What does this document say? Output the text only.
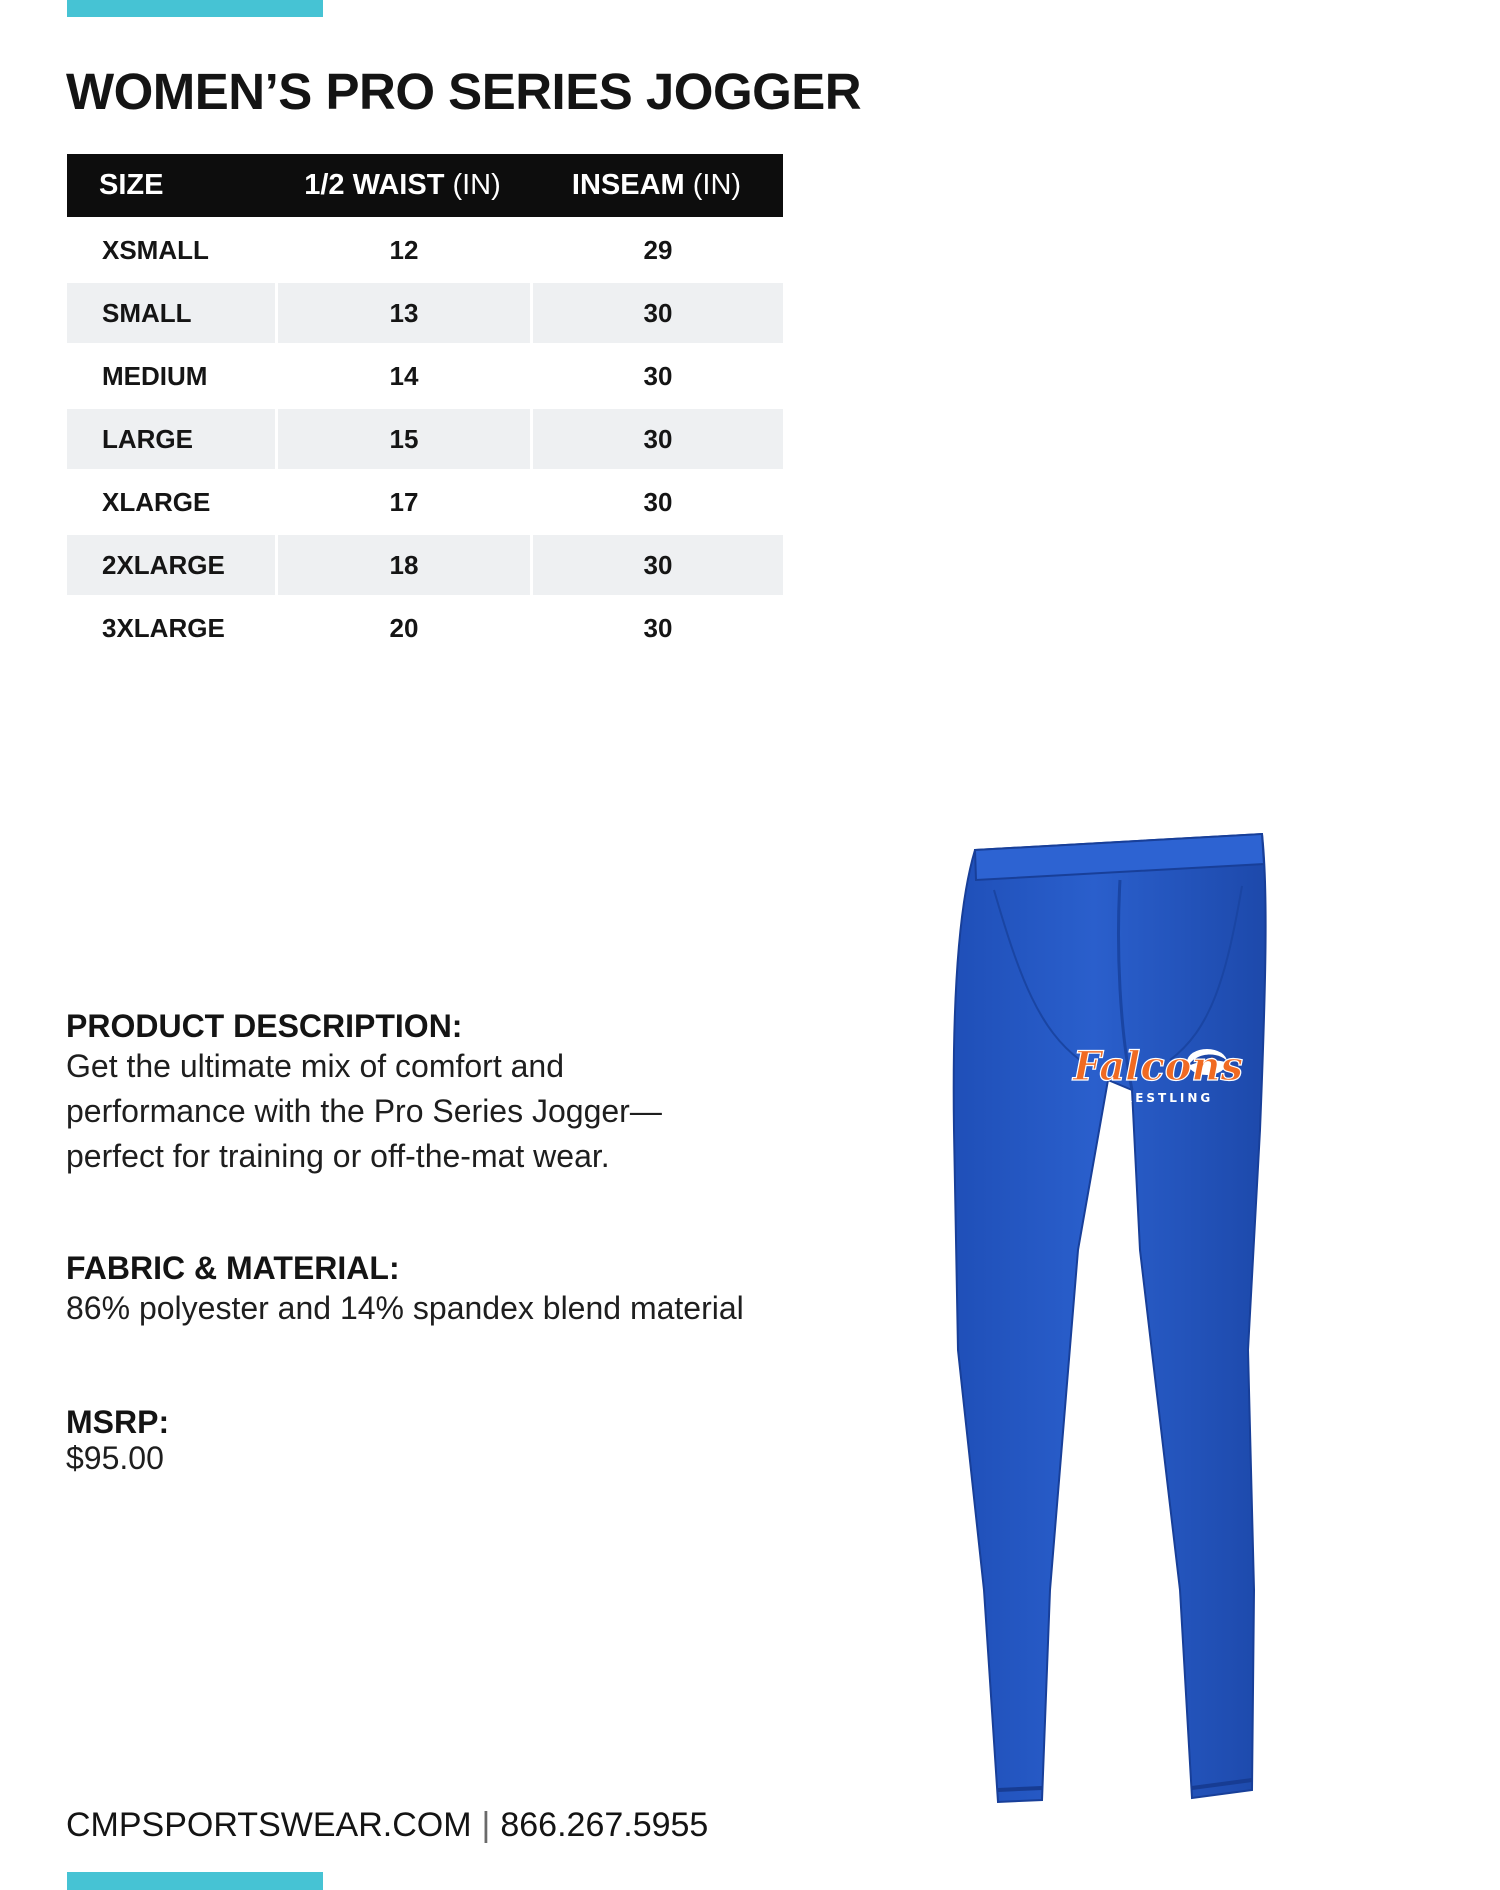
WOMEN’S PRO SERIES JOGGER
SIZE	1/2 WAIST (IN)	INSEAM (IN)
XSMALL	12	29
SMALL	13	30
MEDIUM	14	30
LARGE	15	30
XLARGE	17	30
2XLARGE	18	30
3XLARGE	20	30
Falcons
WRESTLING
PRODUCT DESCRIPTION:

Get the ultimate mix of comfort and performance with the Pro Series Jogger—perfect for training or off-the-mat wear.

FABRIC & MATERIAL:

86% polyester and 14% spandex blend material

MSRP:

$95.00

CMPSPORTSWEAR.COM | 866.267.5955
